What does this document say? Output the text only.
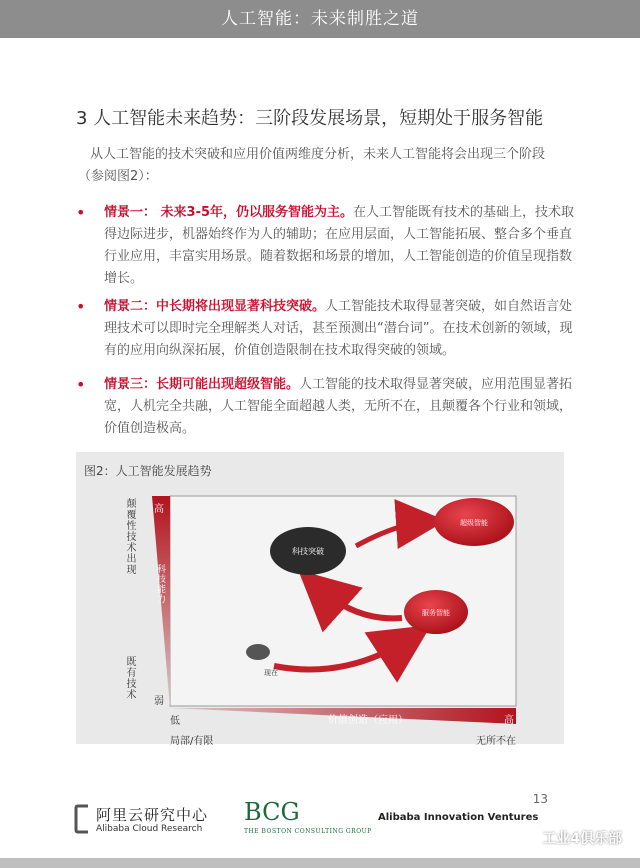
人工智能：未来制胜之道
3 人工智能未来趋势：三阶段发展场景，短期处于服务智能
从人工智能的技术突破和应用价值两维度分析，未来人工智能将会出现三个阶段
（参阅图2）：
• 情景一： 未来3-5年，仍以服务智能为主。在人工智能既有技术的基础上，技术取得边际进步，机器始终作为人的辅助；在应用层面，人工智能拓展、整合多个垂直行业应用，丰富实用场景。随着数据和场景的增加，人工智能创造的价值呈现指数增长。
• 情景二：中长期将出现显著科技突破。人工智能技术取得显著突破，如自然语言处理技术可以即时完全理解类人对话，甚至预测出“潜台词”。在技术创新的领域，现有的应用向纵深拓展，价值创造限制在技术取得突破的领域。
• 情景三：长期可能出现超级智能。人工智能的技术取得显著突破，应用范围显著拓宽，人机完全共融，人工智能全面超越人类，无所不在，且颠覆各个行业和领域，价值创造极高。
图2：人工智能发展趋势
现在
科技突破
服务智能
超级智能
颠覆性技术出现
既有技术
高
弱
科技能力
低	高
价值创造（应用）
局部/有限	无所不在
13
阿里云研究中心
Alibaba Cloud Research
BCG
THE BOSTON CONSULTING GROUP
Alibaba Innovation Ventures
工业4俱乐部
